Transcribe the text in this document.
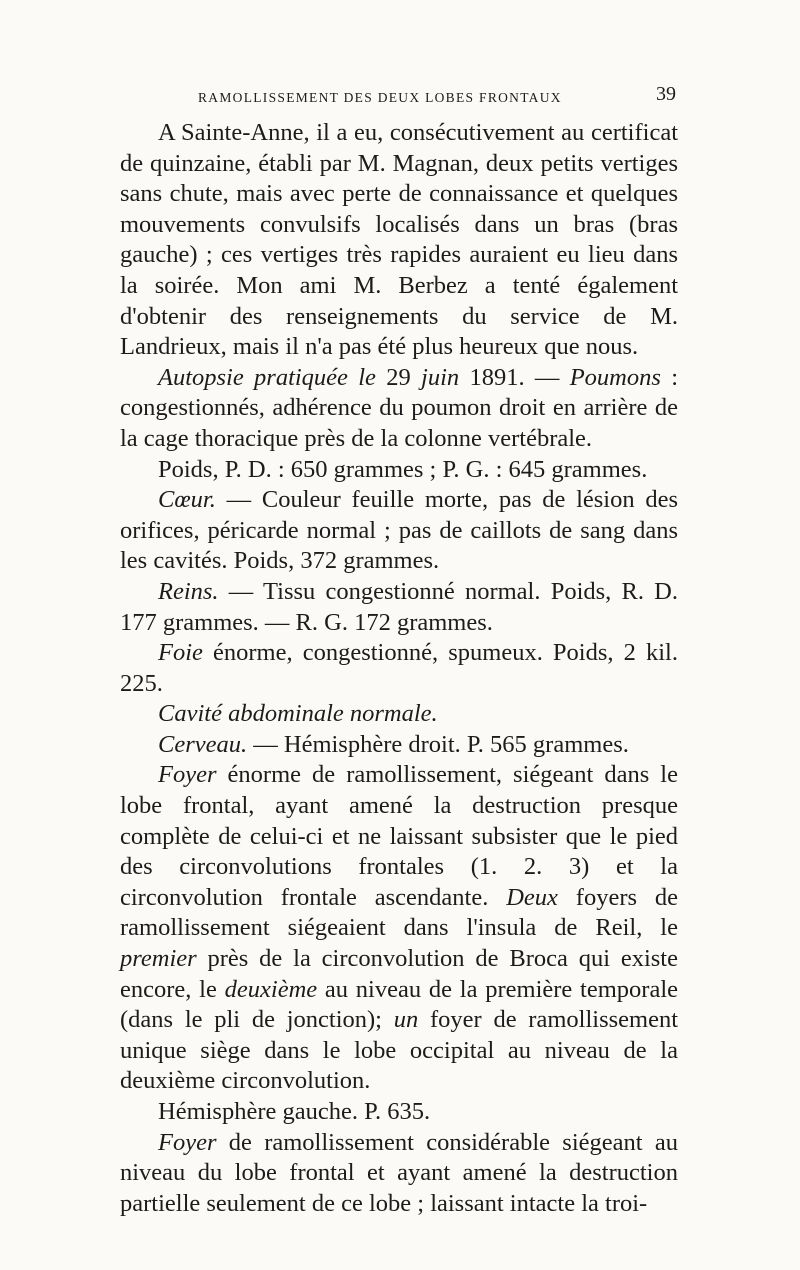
RAMOLLISSEMENT DES DEUX LOBES FRONTAUX	39

A Sainte-Anne, il a eu, consécutivement au certificat de quinzaine, établi par M. Magnan, deux petits vertiges sans chute, mais avec perte de connaissance et quelques mouvements convulsifs localisés dans un bras (bras gauche) ; ces vertiges très rapides auraient eu lieu dans la soirée. Mon ami M. Berbez a tenté également d'obtenir des renseignements du service de M. Landrieux, mais il n'a pas été plus heureux que nous.

Autopsie pratiquée le 29 juin 1891. — Poumons : congestionnés, adhérence du poumon droit en arrière de la cage thoracique près de la colonne vertébrale.

Poids, P. D. : 650 grammes ; P. G. : 645 grammes.

Cœur. — Couleur feuille morte, pas de lésion des orifices, péricarde normal ; pas de caillots de sang dans les cavités. Poids, 372 grammes.

Reins. — Tissu congestionné normal. Poids, R. D. 177 grammes. — R. G. 172 grammes.

Foie énorme, congestionné, spumeux. Poids, 2 kil. 225.

Cavité abdominale normale.

Cerveau. — Hémisphère droit. P. 565 grammes.

Foyer énorme de ramollissement, siégeant dans le lobe frontal, ayant amené la destruction presque complète de celui-ci et ne laissant subsister que le pied des circonvolutions frontales (1. 2. 3) et la circonvolution frontale ascendante. Deux foyers de ramollissement siégeaient dans l'insula de Reil, le premier près de la circonvolution de Broca qui existe encore, le deuxième au niveau de la première temporale (dans le pli de jonction); un foyer de ramollissement unique siège dans le lobe occipital au niveau de la deuxième circonvolution.

Hémisphère gauche. P. 635.

Foyer de ramollissement considérable siégeant au niveau du lobe frontal et ayant amené la destruction partielle seulement de ce lobe ; laissant intacte la troi-
